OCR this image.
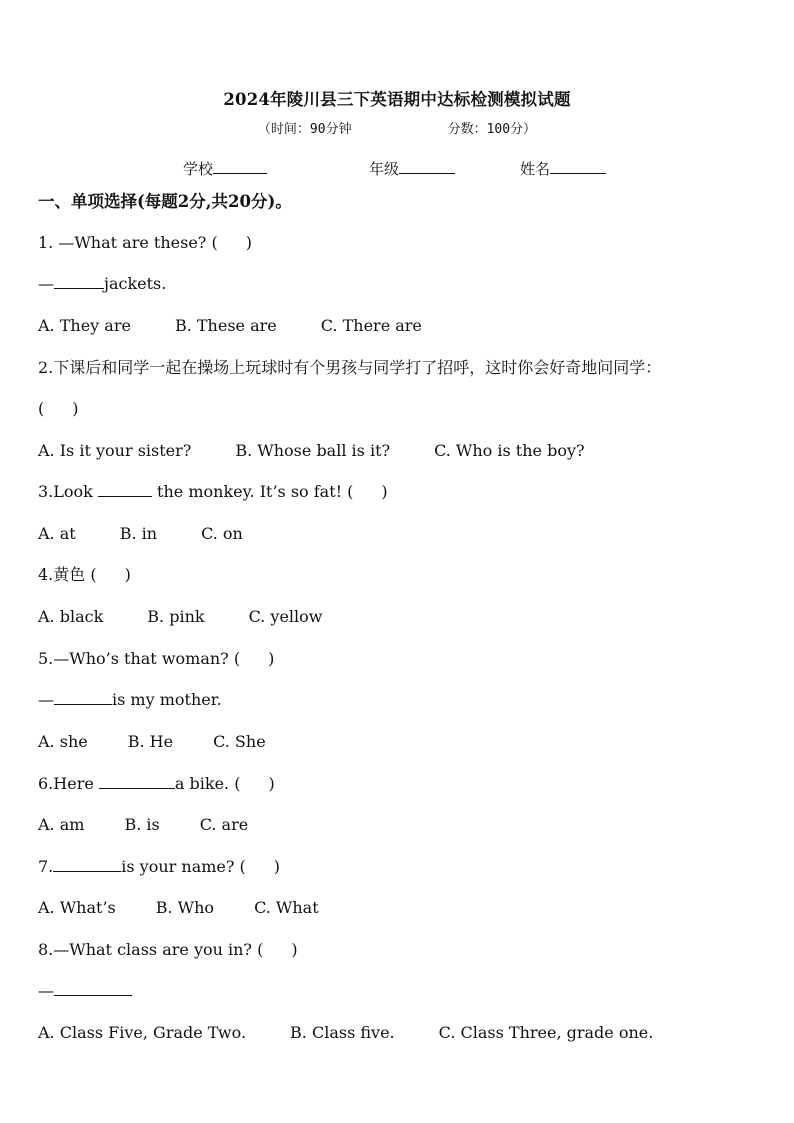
2024年陵川县三下英语期中达标检测模拟试题
（时间：90分钟	分数：100分）
学校	年级	姓名
一、单项选择(每题2分,共20分)。
1. —What are these? ( )
—	jackets.
A. They are	B. These are	C. There are
2.下课后和同学一起在操场上玩球时有个男孩与同学打了招呼，这时你会好奇地问同学：
( )
A. Is it your sister?	B. Whose ball is it?	C. Who is the boy?
3.Look	the monkey. It’s so fat! ( )
A. at	B. in	C. on
4.黄色 ( )
A. black	B. pink	C. yellow
5.—Who’s that woman? ( )
—	is my mother.
A. she	B. He	C. She
6.Here	a bike. ( )
A. am	B. is	C. are
7.	is your name? ( )
A. What’s	B. Who	C. What
8.—What class are you in? ( )
—
A. Class Five, Grade Two.	B. Class five.	C. Class Three, grade one.
